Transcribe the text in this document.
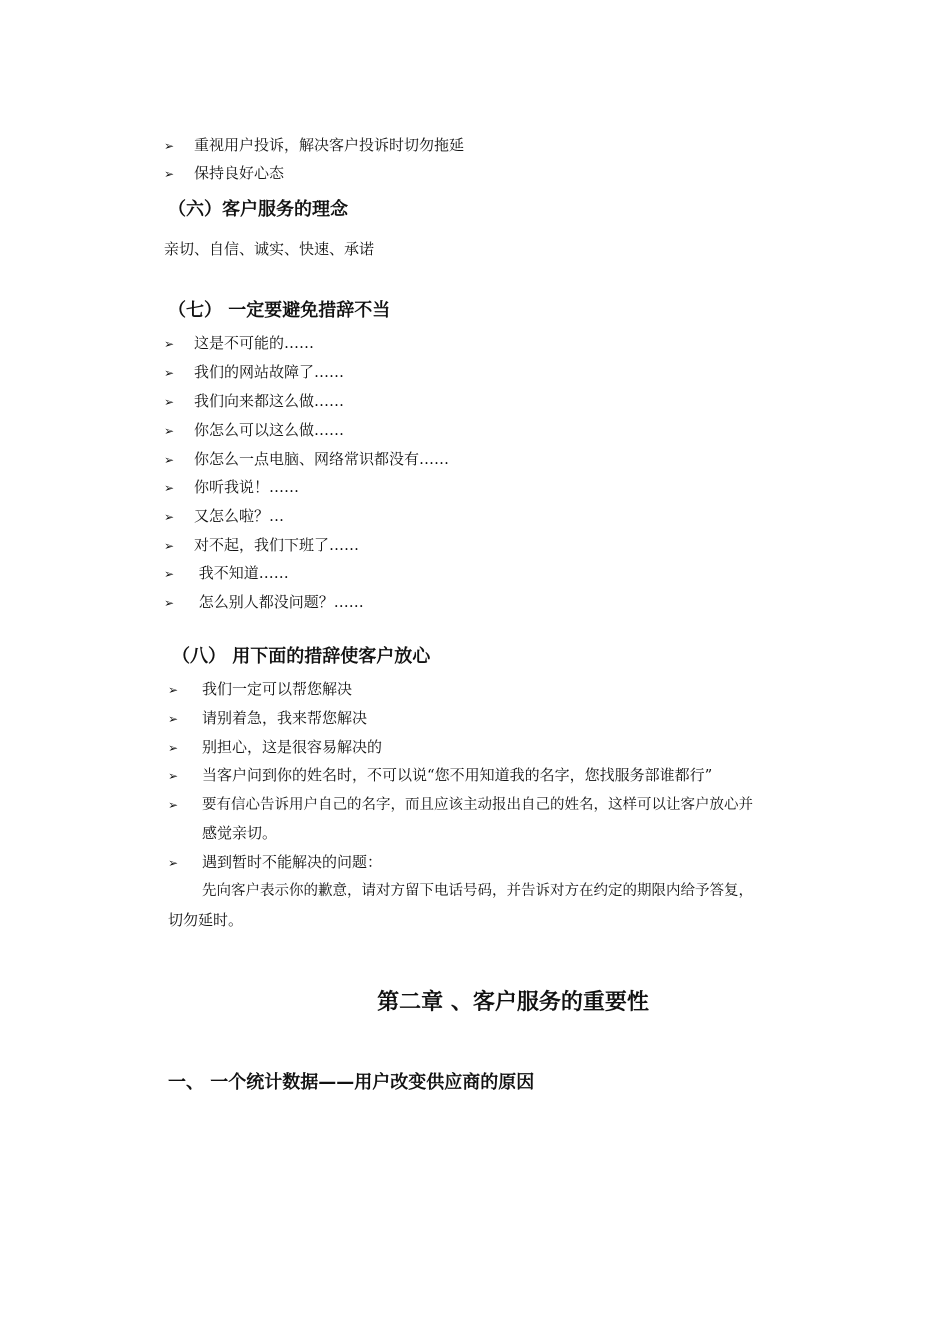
➢ 重视用户投诉，解决客户投诉时切勿拖延
➢ 保持良好心态
（六）客户服务的理念
亲切、自信、诚实、快速、承诺
（七） 一定要避免措辞不当
➢ 这是不可能的……
➢ 我们的网站故障了……
➢ 我们向来都这么做……
➢ 你怎么可以这么做……
➢ 你怎么一点电脑、网络常识都没有……
➢ 你听我说！……
➢ 又怎么啦？…
➢ 对不起，我们下班了……
➢ 我不知道……
➢ 怎么别人都没问题？……
（八） 用下面的措辞使客户放心
➢ 我们一定可以帮您解决
➢ 请别着急，我来帮您解决
➢ 别担心，这是很容易解决的
➢ 当客户问到你的姓名时，不可以说“您不用知道我的名字，您找服务部谁都行”
➢ 要有信心告诉用户自己的名字，而且应该主动报出自己的姓名，这样可以让客户放心并
感觉亲切。
➢ 遇到暂时不能解决的问题：
先向客户表示你的歉意，请对方留下电话号码，并告诉对方在约定的期限内给予答复，
切勿延时。
第二章 、客户服务的重要性
一、 一个统计数据——用户改变供应商的原因
